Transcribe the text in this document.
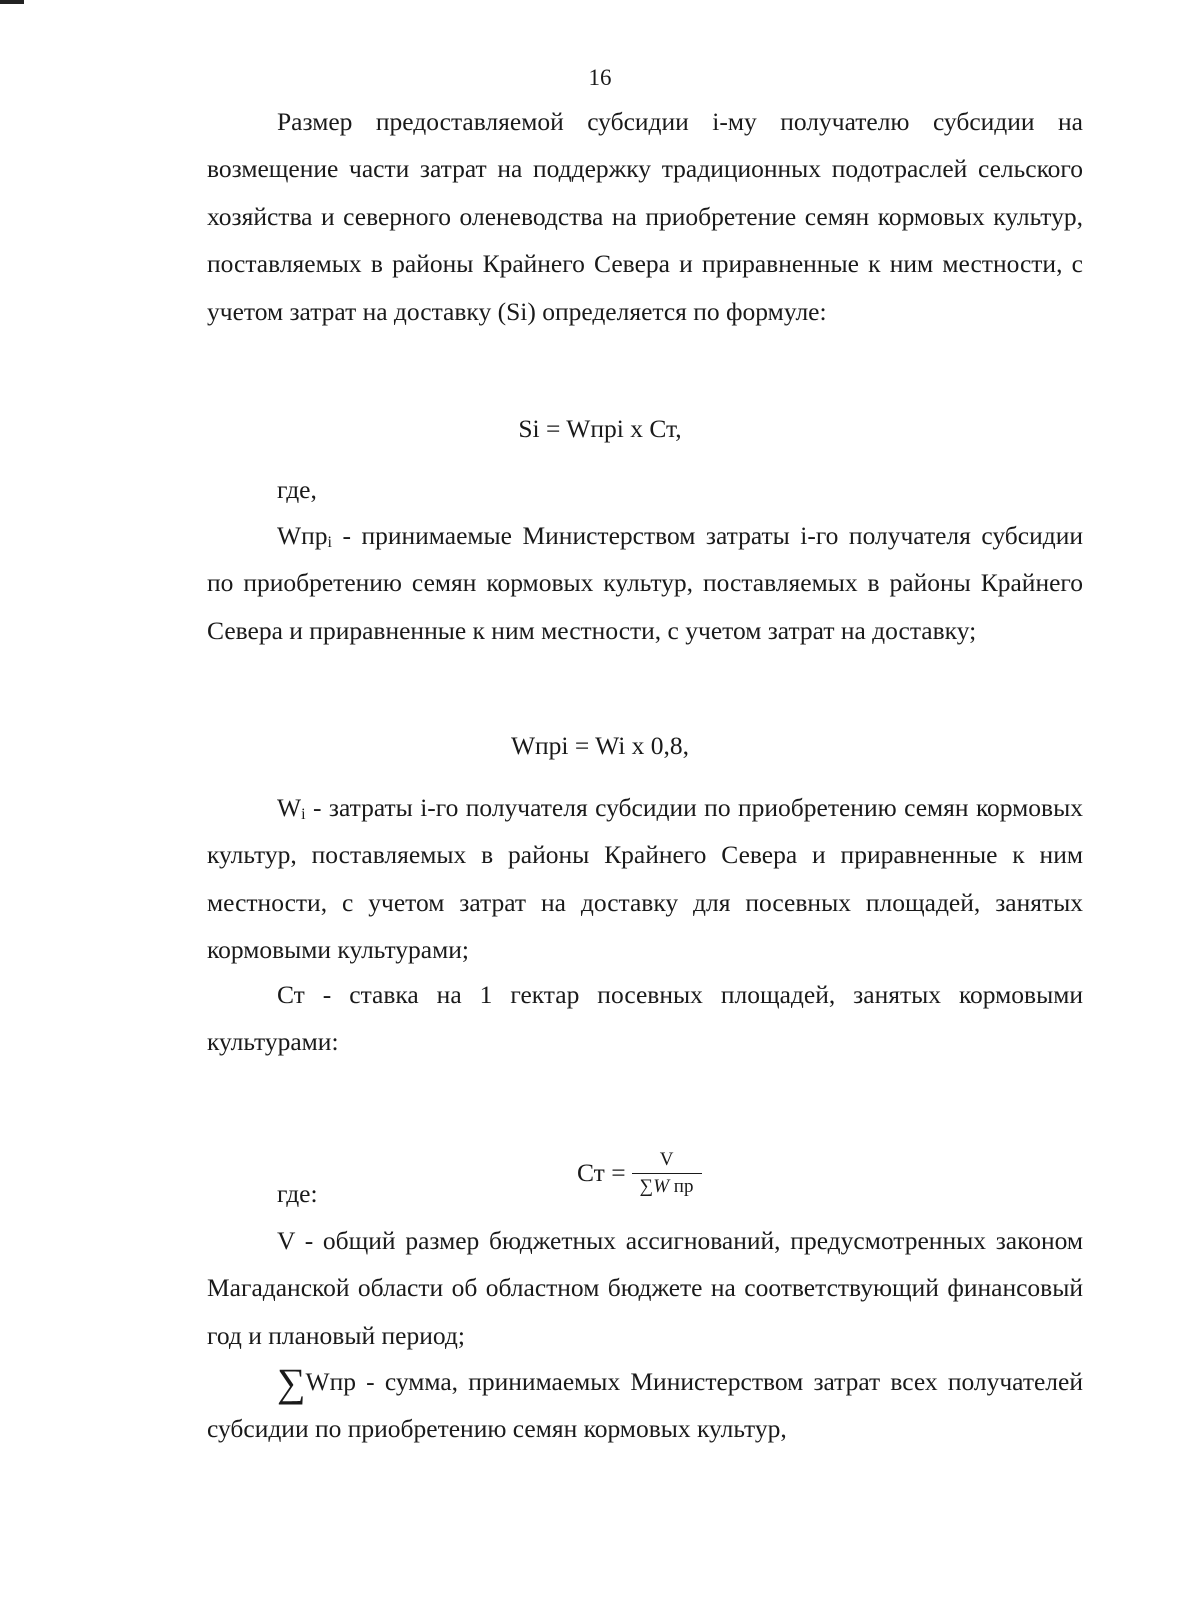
16

Размер предоставляемой субсидии i-му получателю субсидии на возмещение части затрат на поддержку традиционных подотраслей сельского хозяйства и северного оленеводства на приобретение семян кормовых культур, поставляемых в районы Крайнего Севера и приравненные к ним местности, с учетом затрат на доставку (Si) определяется по формуле:

Si = Wпрi х Ст,

где,

Wпр$_i$ - принимаемые Министерством затраты i-го получателя субсидии по приобретению семян кормовых культур, поставляемых в районы Крайнего Севера и приравненные к ним местности, с учетом затрат на доставку;

Wпрi = Wi х 0,8,

$W_i$ - затраты i-го получателя субсидии по приобретению семян кормовых культур, поставляемых в районы Крайнего Севера и приравненные к ним местности, с учетом затрат на доставку для посевных площадей, занятых кормовыми культурами;

Ст - ставка на 1 гектар посевных площадей, занятых кормовыми культурами:

Ст = $\frac{V}{\text{∑W пр}}$

где:

V - общий размер бюджетных ассигнований, предусмотренных законом Магаданской области об областном бюджете на соответствующий финансовый год и плановый период;

∑Wпр - сумма, принимаемых Министерством затрат всех получателей субсидии по приобретению семян кормовых культур,
